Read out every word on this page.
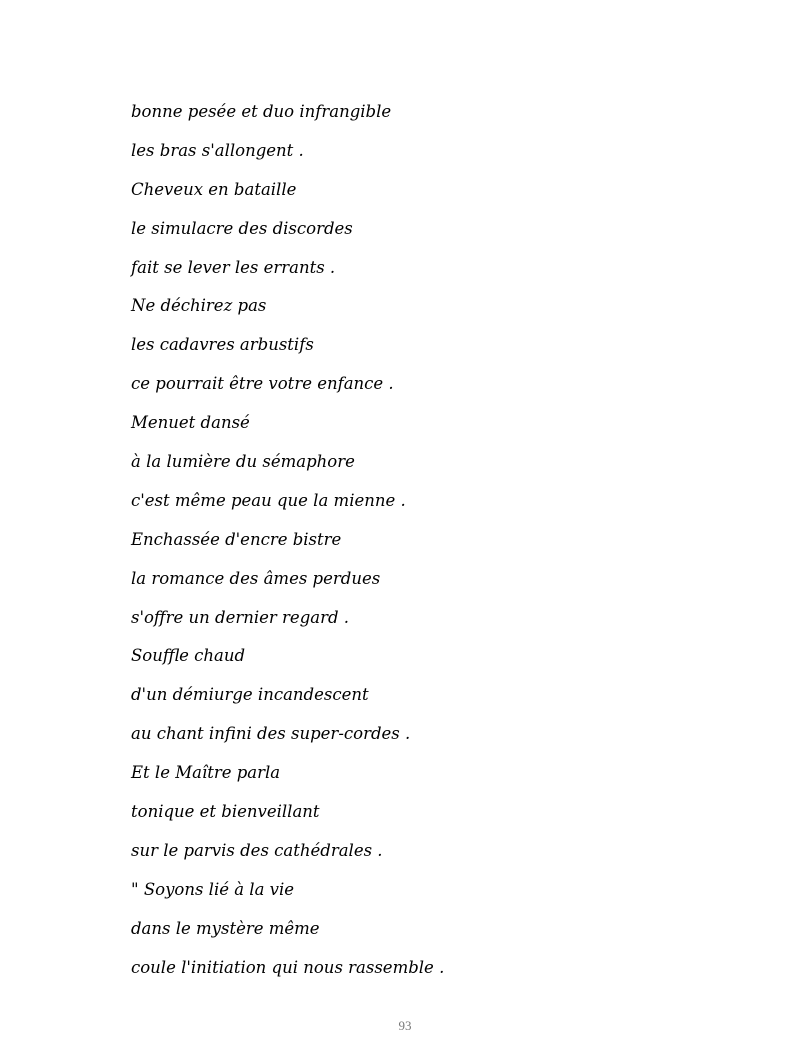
bonne pesée et duo infrangible
les bras s'allongent .
Cheveux en bataille
le simulacre des discordes
fait se lever les errants .
Ne déchirez pas
les cadavres arbustifs
ce pourrait être votre enfance .
Menuet dansé
à la lumière du sémaphore
c'est même peau que la mienne .
Enchassée d'encre bistre
la romance des âmes perdues
s'offre un dernier regard .
Souffle chaud
d'un démiurge incandescent
au chant infini des super-cordes .
Et le Maître parla
tonique et bienveillant
sur le parvis des cathédrales .
" Soyons lié à la vie
dans le mystère même
coule l'initiation qui nous rassemble .
93
